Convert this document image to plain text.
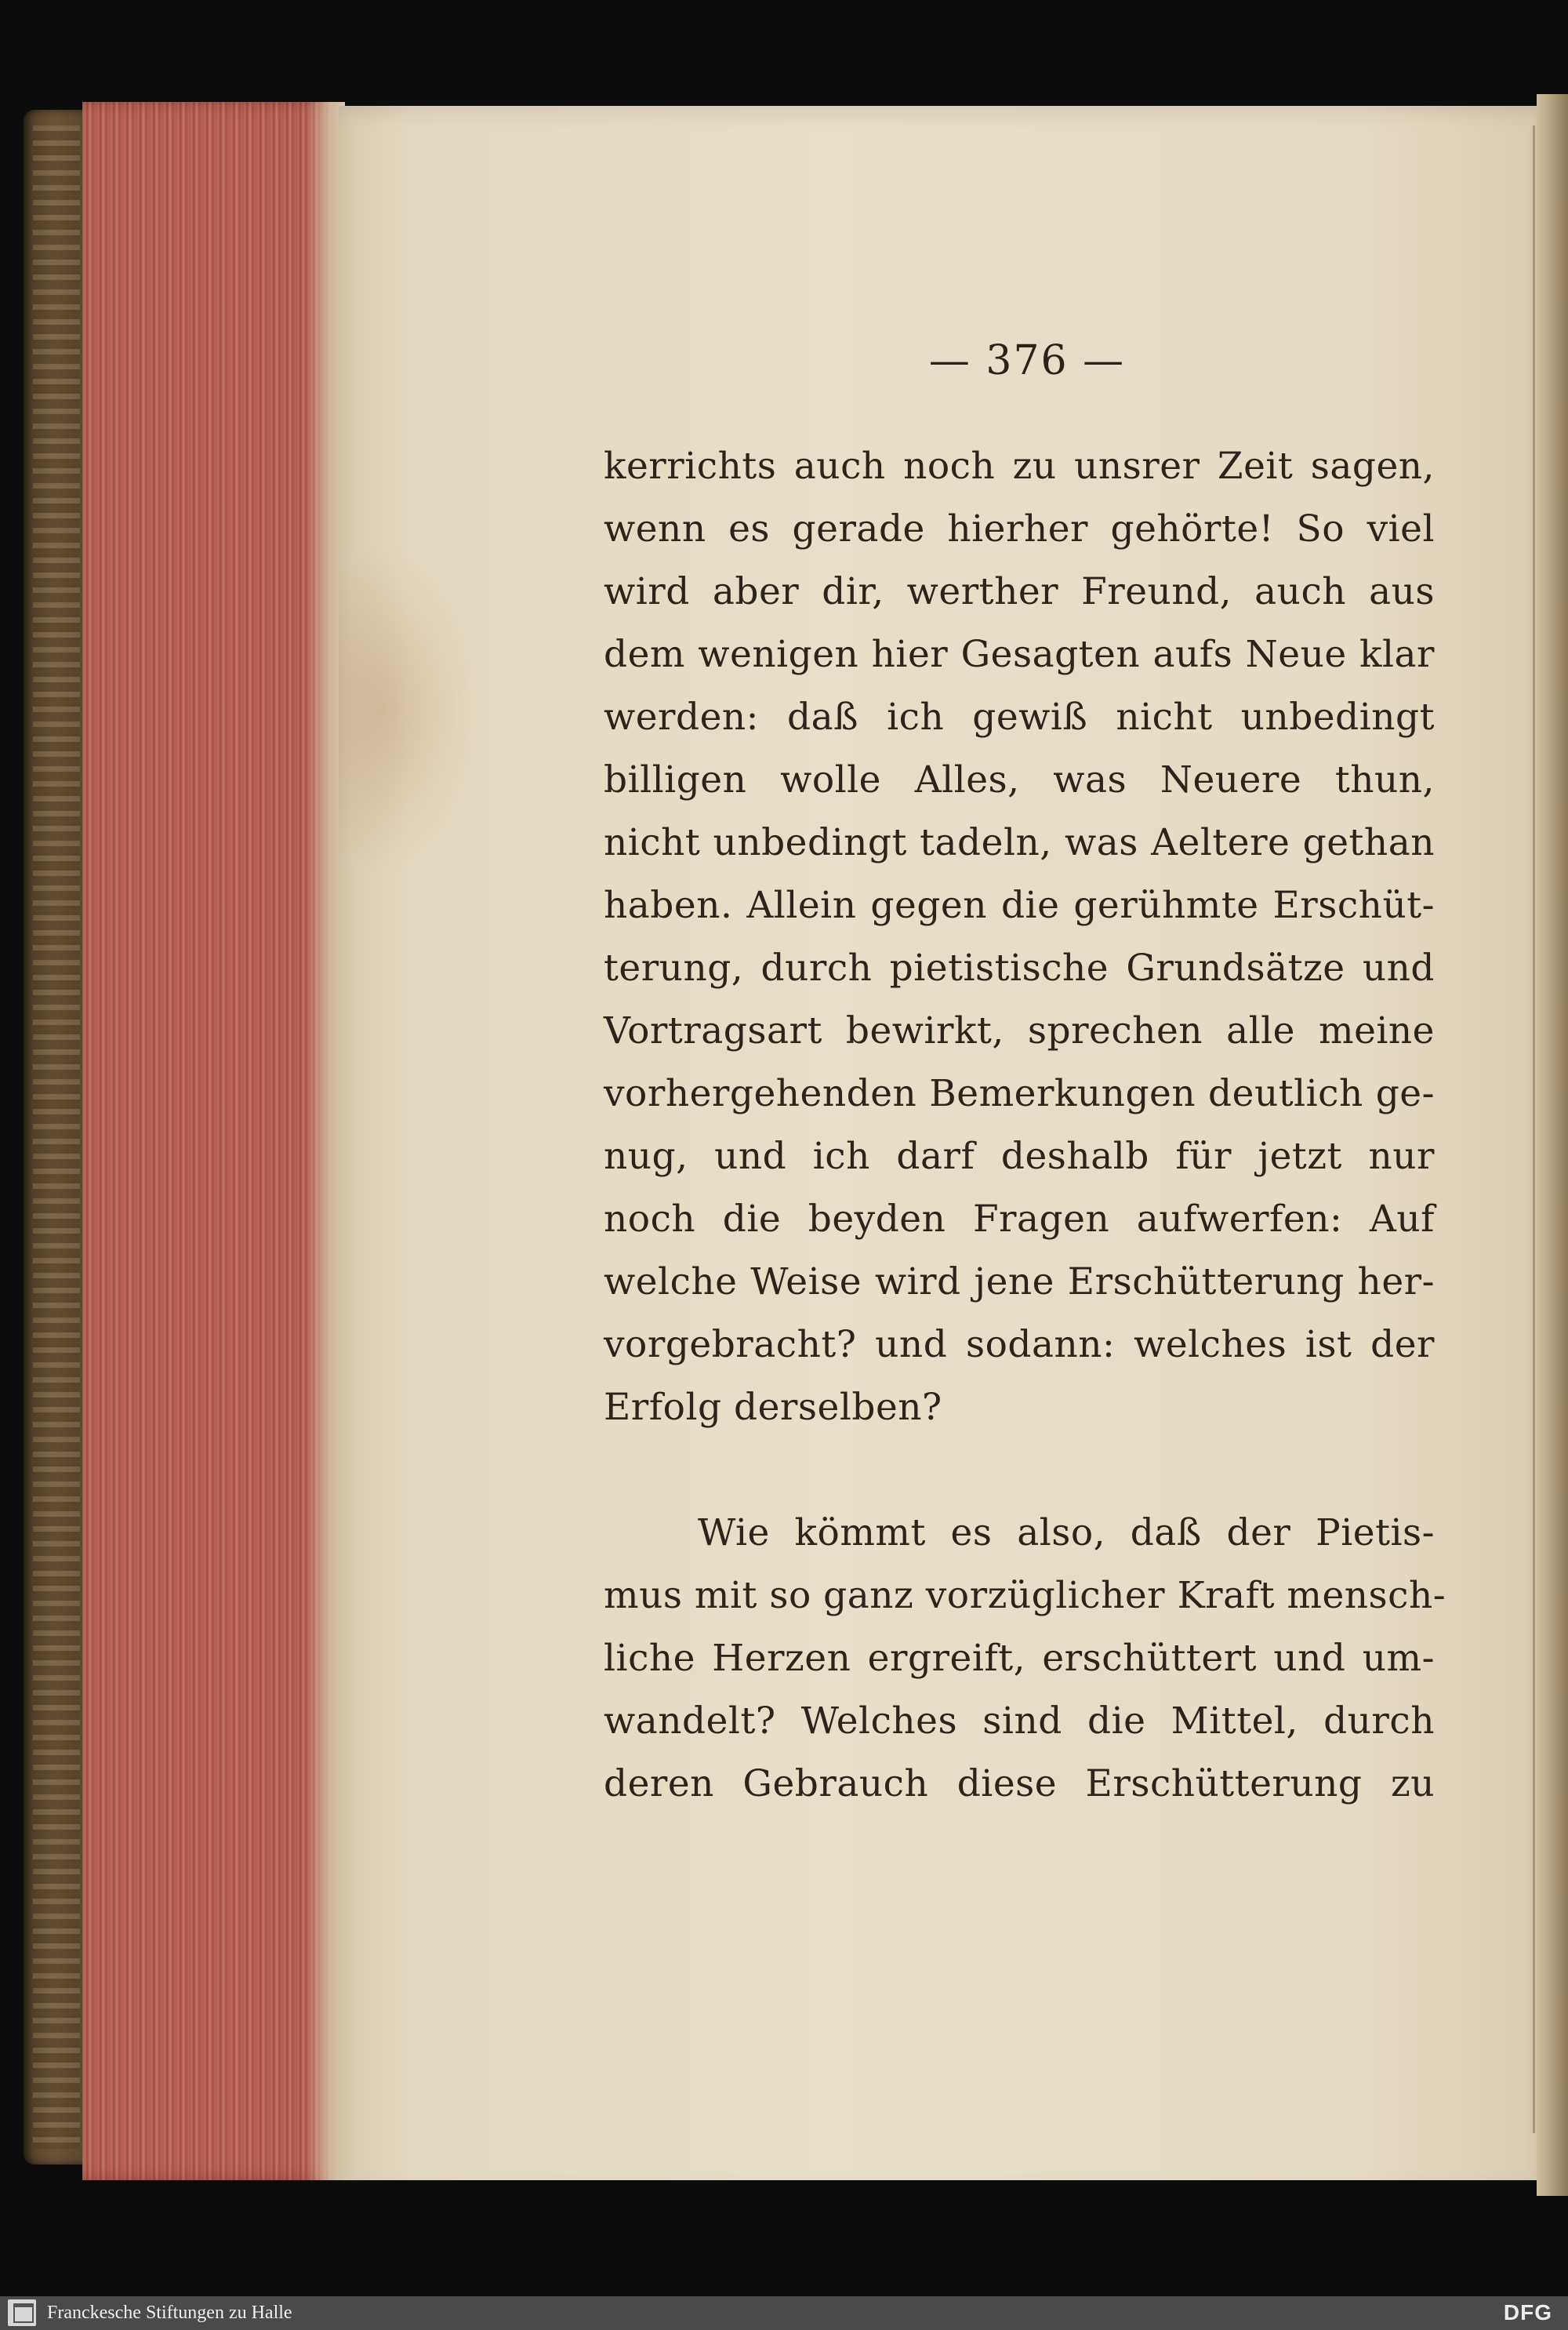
— 376 —
kerrichts auch noch zu unsrer Zeit sagen,
wenn es gerade hierher gehörte! So viel
wird aber dir, werther Freund, auch aus
dem wenigen hier Gesagten aufs Neue klar
werden: daß ich gewiß nicht unbedingt
billigen wolle Alles, was Neuere thun,
nicht unbedingt tadeln, was Aeltere gethan
haben. Allein gegen die gerühmte Erschüt-
terung, durch pietistische Grundsätze und
Vortragsart bewirkt, sprechen alle meine
vorhergehenden Bemerkungen deutlich ge-
nug, und ich darf deshalb für jetzt nur
noch die beyden Fragen aufwerfen: Auf
welche Weise wird jene Erschütterung her-
vorgebracht? und sodann: welches ist der
Erfolg derselben?
Wie kömmt es also, daß der Pietis-
mus mit so ganz vorzüglicher Kraft mensch-
liche Herzen ergreift, erschüttert und um-
wandelt? Welches sind die Mittel, durch
deren Gebrauch diese Erschütterung zu
Franckesche Stiftungen zu Halle	DFG
